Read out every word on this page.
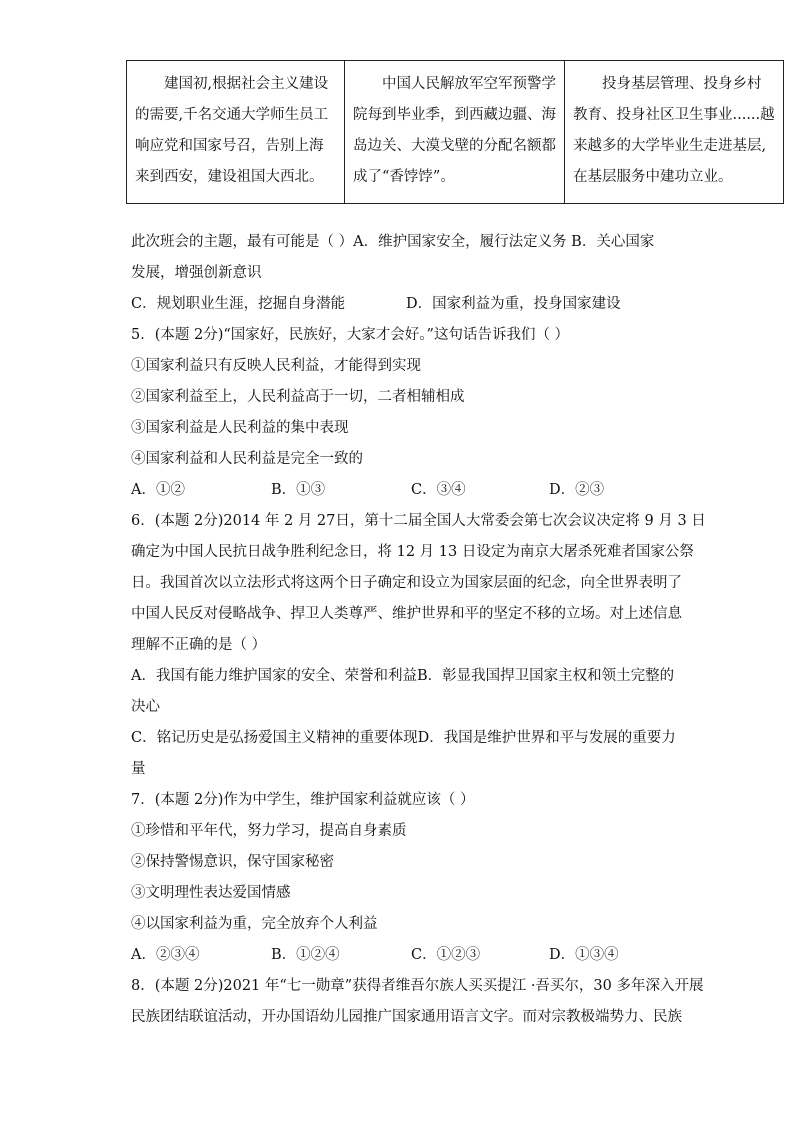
建国初,根据社会主义建设的需要,千名交通大学师生员工响应党和国家号召，告别上海来到西安，建设祖国大西北。	中国人民解放军空军预警学院每到毕业季，到西藏边疆、海岛边关、大漠戈壁的分配名额都成了“香饽饽”。	投身基层管理、投身乡村教育、投身社区卫生事业......越来越多的大学毕业生走进基层,在基层服务中建功立业。
此次班会的主题，最有可能是（ ）A．维护国家安全，履行法定义务 B．关心国家
发展，增强创新意识
C．规划职业生涯，挖掘自身潜能	D．国家利益为重，投身国家建设
5．(本题 2分)“国家好，民族好，大家才会好。”这句话告诉我们（ ）
①国家利益只有反映人民利益，才能得到实现
②国家利益至上，人民利益高于一切，二者相辅相成
③国家利益是人民利益的集中表现
④国家利益和人民利益是完全一致的
A．①②	B．①③	C．③④	D．②③
6．(本题 2分)2014 年 2 月 27日，第十二届全国人大常委会第七次会议决定将 9 月 3 日
确定为中国人民抗日战争胜利纪念日，将 12 月 13 日设定为南京大屠杀死难者国家公祭
日。我国首次以立法形式将这两个日子确定和设立为国家层面的纪念，向全世界表明了
中国人民反对侵略战争、捍卫人类尊严、维护世界和平的坚定不移的立场。对上述信息
理解不正确的是（ ）
A．我国有能力维护国家的安全、荣誉和利益B．彰显我国捍卫国家主权和领土完整的
决心
C．铭记历史是弘扬爱国主义精神的重要体现D．我国是维护世界和平与发展的重要力
量
7．(本题 2分)作为中学生，维护国家利益就应该（ ）
①珍惜和平年代，努力学习，提高自身素质
②保持警惕意识，保守国家秘密
③文明理性表达爱国情感
④以国家利益为重，完全放弃个人利益
A．②③④	B．①②④	C．①②③	D．①③④
8．(本题 2分)2021 年“七一勋章”获得者维吾尔族人买买提江 ·吾买尔，30 多年深入开展
民族团结联谊活动，开办国语幼儿园推广国家通用语言文字。而对宗教极端势力、民族
